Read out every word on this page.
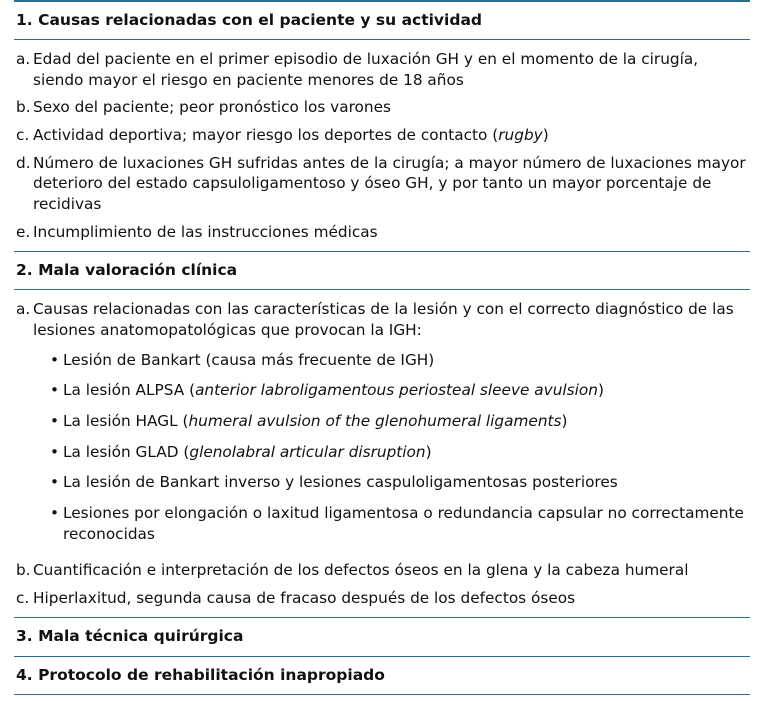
1. Causas relacionadas con el paciente y su actividad
a. Edad del paciente en el primer episodio de luxación GH y en el momento de la cirugía, siendo mayor el riesgo en paciente menores de 18 años
b. Sexo del paciente; peor pronóstico los varones
c. Actividad deportiva; mayor riesgo los deportes de contacto (rugby)
d. Número de luxaciones GH sufridas antes de la cirugía; a mayor número de luxaciones mayor deterioro del estado capsuloligamentoso y óseo GH, y por tanto un mayor porcentaje de recidivas
e. Incumplimiento de las instrucciones médicas
2. Mala valoración clínica
a. Causas relacionadas con las características de la lesión y con el correcto diagnóstico de las lesiones anatomopatológicas que provocan la IGH:
• Lesión de Bankart (causa más frecuente de IGH)
• La lesión ALPSA (anterior labroligamentous periosteal sleeve avulsion)
• La lesión HAGL (humeral avulsion of the glenohumeral ligaments)
• La lesión GLAD (glenolabral articular disruption)
• La lesión de Bankart inverso y lesiones caspuloligamentosas posteriores
• Lesiones por elongación o laxitud ligamentosa o redundancia capsular no correctamente reconocidas
b. Cuantificación e interpretación de los defectos óseos en la glena y la cabeza humeral
c. Hiperlaxitud, segunda causa de fracaso después de los defectos óseos
3. Mala técnica quirúrgica
4. Protocolo de rehabilitación inapropiado
